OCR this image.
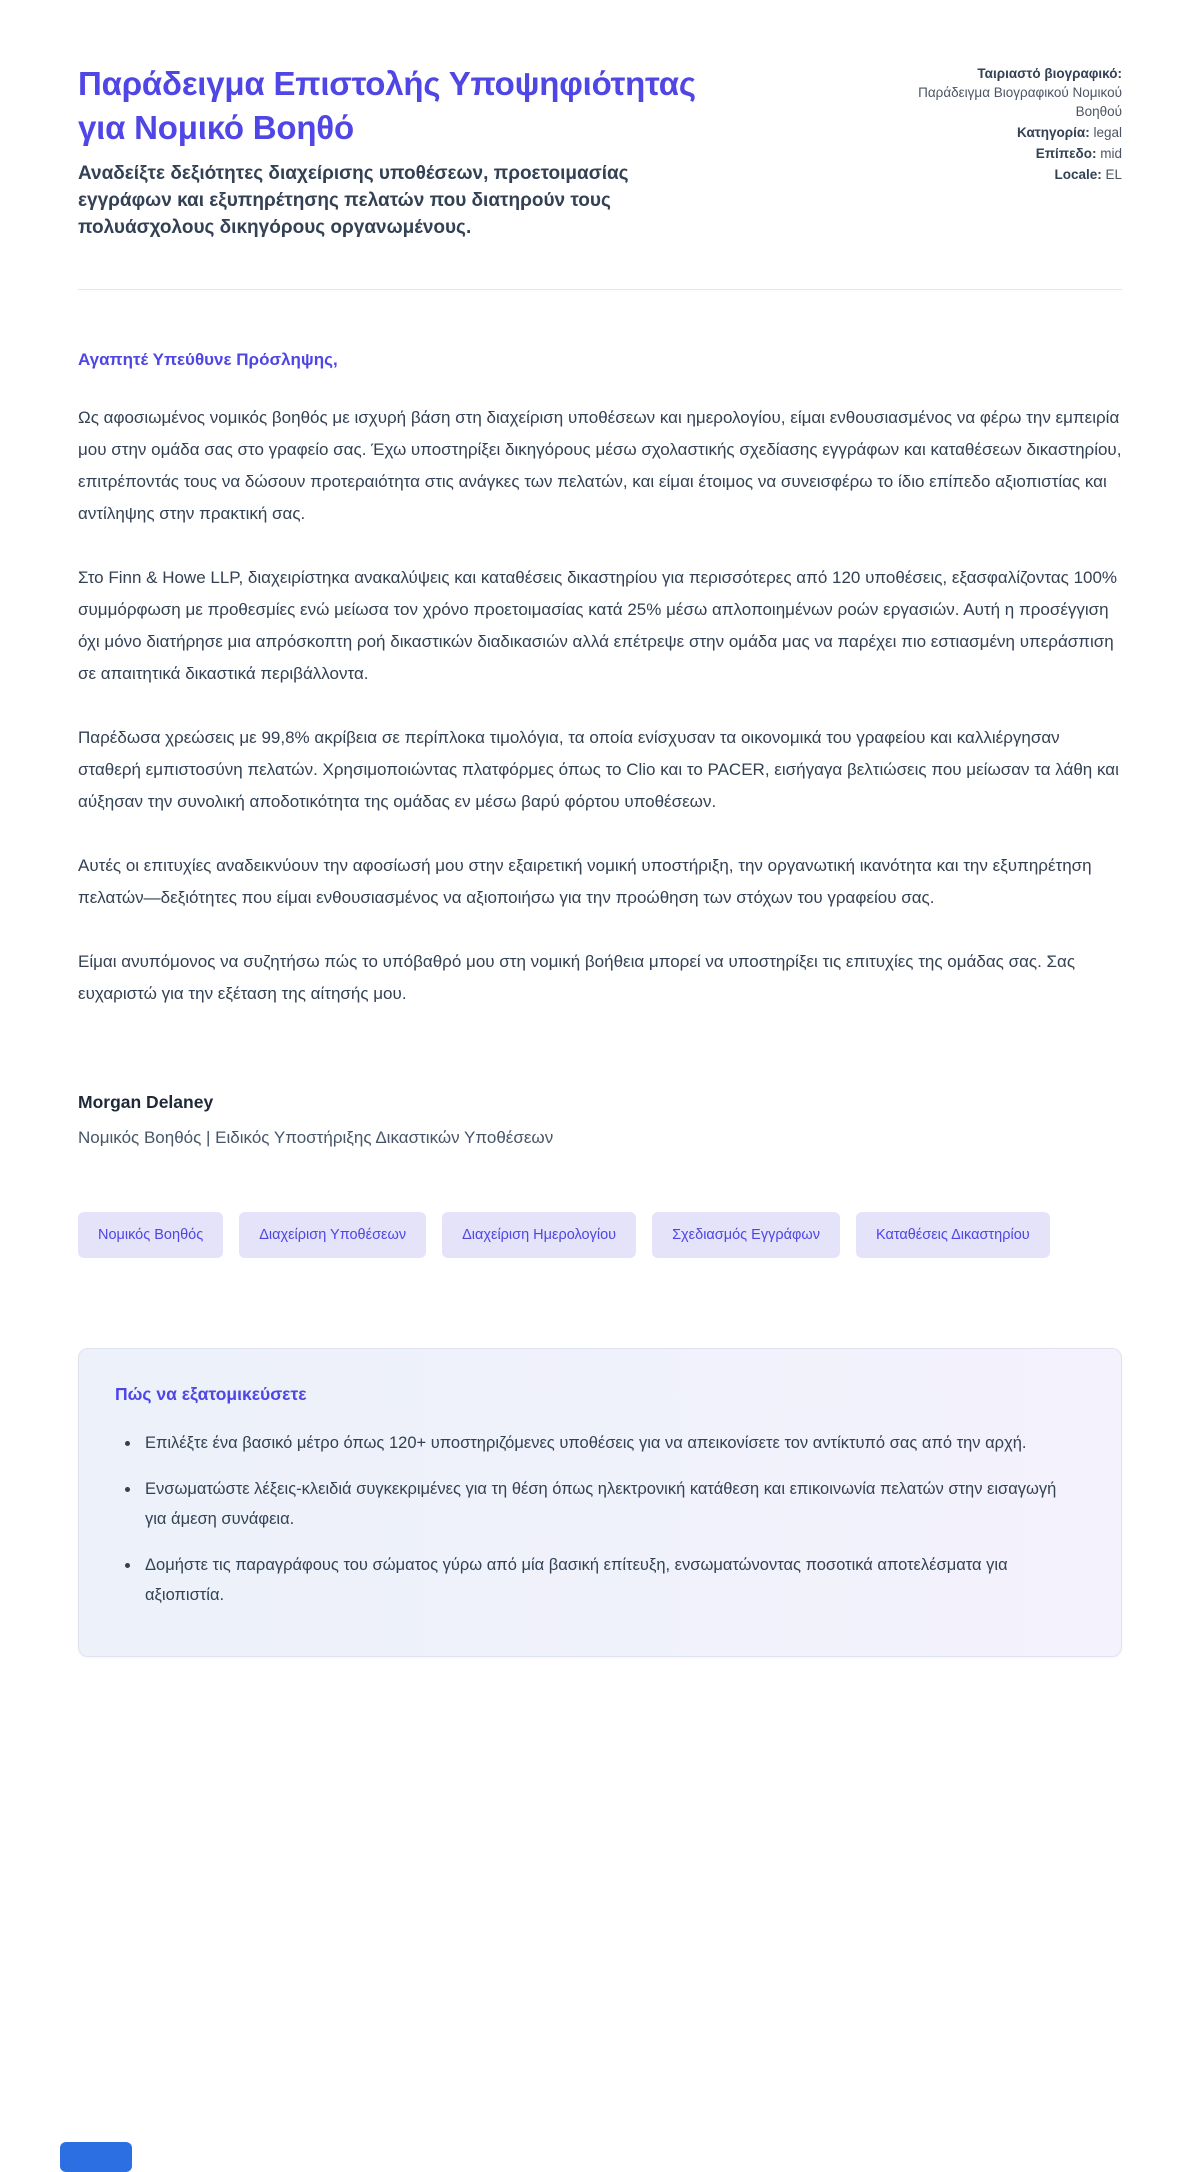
Παράδειγμα Επιστολής Υποψηφιότητας για Νομικό Βοηθό

Αναδείξτε δεξιότητες διαχείρισης υποθέσεων, προετοιμασίας εγγράφων και εξυπηρέτησης πελατών που διατηρούν τους πολυάσχολους δικηγόρους οργανωμένους.

Ταιριαστό βιογραφικό: Παράδειγμα Βιογραφικού Νομικού Βοηθού
Κατηγορία: legal
Επίπεδο: mid
Locale: EL

Αγαπητέ Υπεύθυνε Πρόσληψης,

Ως αφοσιωμένος νομικός βοηθός με ισχυρή βάση στη διαχείριση υποθέσεων και ημερολογίου, είμαι ενθουσιασμένος να φέρω την εμπειρία μου στην ομάδα σας στο γραφείο σας. Έχω υποστηρίξει δικηγόρους μέσω σχολαστικής σχεδίασης εγγράφων και καταθέσεων δικαστηρίου, επιτρέποντάς τους να δώσουν προτεραιότητα στις ανάγκες των πελατών, και είμαι έτοιμος να συνεισφέρω το ίδιο επίπεδο αξιοπιστίας και αντίληψης στην πρακτική σας.

Στο Finn & Howe LLP, διαχειρίστηκα ανακαλύψεις και καταθέσεις δικαστηρίου για περισσότερες από 120 υποθέσεις, εξασφαλίζοντας 100% συμμόρφωση με προθεσμίες ενώ μείωσα τον χρόνο προετοιμασίας κατά 25% μέσω απλοποιημένων ροών εργασιών. Αυτή η προσέγγιση όχι μόνο διατήρησε μια απρόσκοπτη ροή δικαστικών διαδικασιών αλλά επέτρεψε στην ομάδα μας να παρέχει πιο εστιασμένη υπεράσπιση σε απαιτητικά δικαστικά περιβάλλοντα.

Παρέδωσα χρεώσεις με 99,8% ακρίβεια σε περίπλοκα τιμολόγια, τα οποία ενίσχυσαν τα οικονομικά του γραφείου και καλλιέργησαν σταθερή εμπιστοσύνη πελατών. Χρησιμοποιώντας πλατφόρμες όπως το Clio και το PACER, εισήγαγα βελτιώσεις που μείωσαν τα λάθη και αύξησαν την συνολική αποδοτικότητα της ομάδας εν μέσω βαρύ φόρτου υποθέσεων.

Αυτές οι επιτυχίες αναδεικνύουν την αφοσίωσή μου στην εξαιρετική νομική υποστήριξη, την οργανωτική ικανότητα και την εξυπηρέτηση πελατών—δεξιότητες που είμαι ενθουσιασμένος να αξιοποιήσω για την προώθηση των στόχων του γραφείου σας.

Είμαι ανυπόμονος να συζητήσω πώς το υπόβαθρό μου στη νομική βοήθεια μπορεί να υποστηρίξει τις επιτυχίες της ομάδας σας. Σας ευχαριστώ για την εξέταση της αίτησής μου.

Morgan Delaney

Νομικός Βοηθός | Ειδικός Υποστήριξης Δικαστικών Υποθέσεων

Νομικός Βοηθός	Διαχείριση Υποθέσεων	Διαχείριση Ημερολογίου	Σχεδιασμός Εγγράφων	Καταθέσεις Δικαστηρίου
Πώς να εξατομικεύσετε
• Επιλέξτε ένα βασικό μέτρο όπως 120+ υποστηριζόμενες υποθέσεις για να απεικονίσετε τον αντίκτυπό σας από την αρχή.
• Ενσωματώστε λέξεις-κλειδιά συγκεκριμένες για τη θέση όπως ηλεκτρονική κατάθεση και επικοινωνία πελατών στην εισαγωγή για άμεση συνάφεια.
• Δομήστε τις παραγράφους του σώματος γύρω από μία βασική επίτευξη, ενσωματώνοντας ποσοτικά αποτελέσματα για αξιοπιστία.
